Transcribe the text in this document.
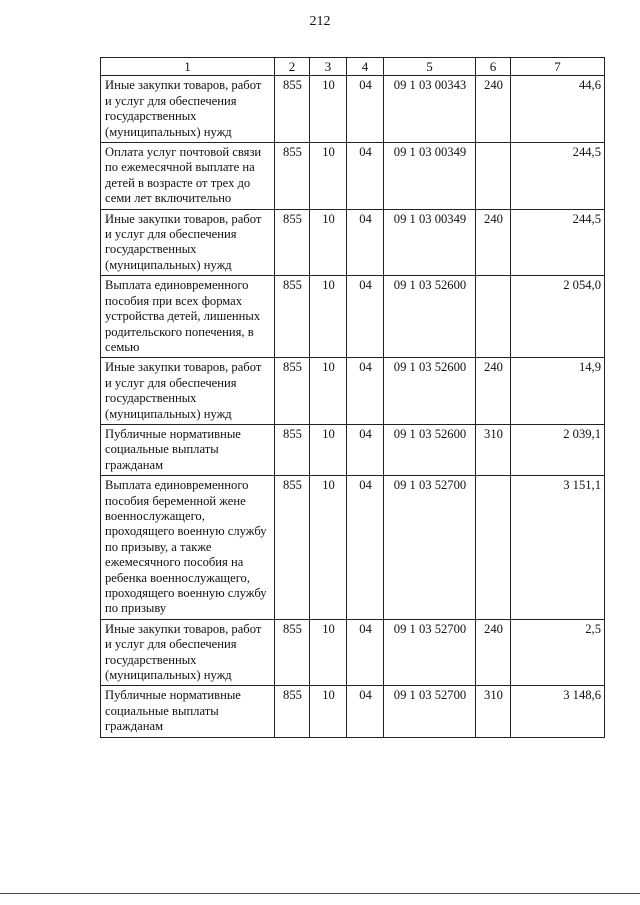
212
1	2	3	4	5	6	7
Иные закупки товаров, работ и услуг для обеспечения государственных (муниципальных) нужд	855	10	04	09 1 03 00343	240	44,6
Оплата услуг почтовой связи по ежемесячной выплате на детей в возрасте от трех до семи лет включительно	855	10	04	09 1 03 00349		244,5
Иные закупки товаров, работ и услуг для обеспечения государственных (муниципальных) нужд	855	10	04	09 1 03 00349	240	244,5
Выплата единовременного пособия при всех формах устройства детей, лишенных родительского попечения, в семью	855	10	04	09 1 03 52600		2 054,0
Иные закупки товаров, работ и услуг для обеспечения государственных (муниципальных) нужд	855	10	04	09 1 03 52600	240	14,9
Публичные нормативные социальные выплаты гражданам	855	10	04	09 1 03 52600	310	2 039,1
Выплата единовременного пособия беременной жене военнослужащего, проходящего военную службу по призыву, а также ежемесячного пособия на ребенка военнослужащего, проходящего военную службу по призыву	855	10	04	09 1 03 52700		3 151,1
Иные закупки товаров, работ и услуг для обеспечения государственных (муниципальных) нужд	855	10	04	09 1 03 52700	240	2,5
Публичные нормативные социальные выплаты гражданам	855	10	04	09 1 03 52700	310	3 148,6
